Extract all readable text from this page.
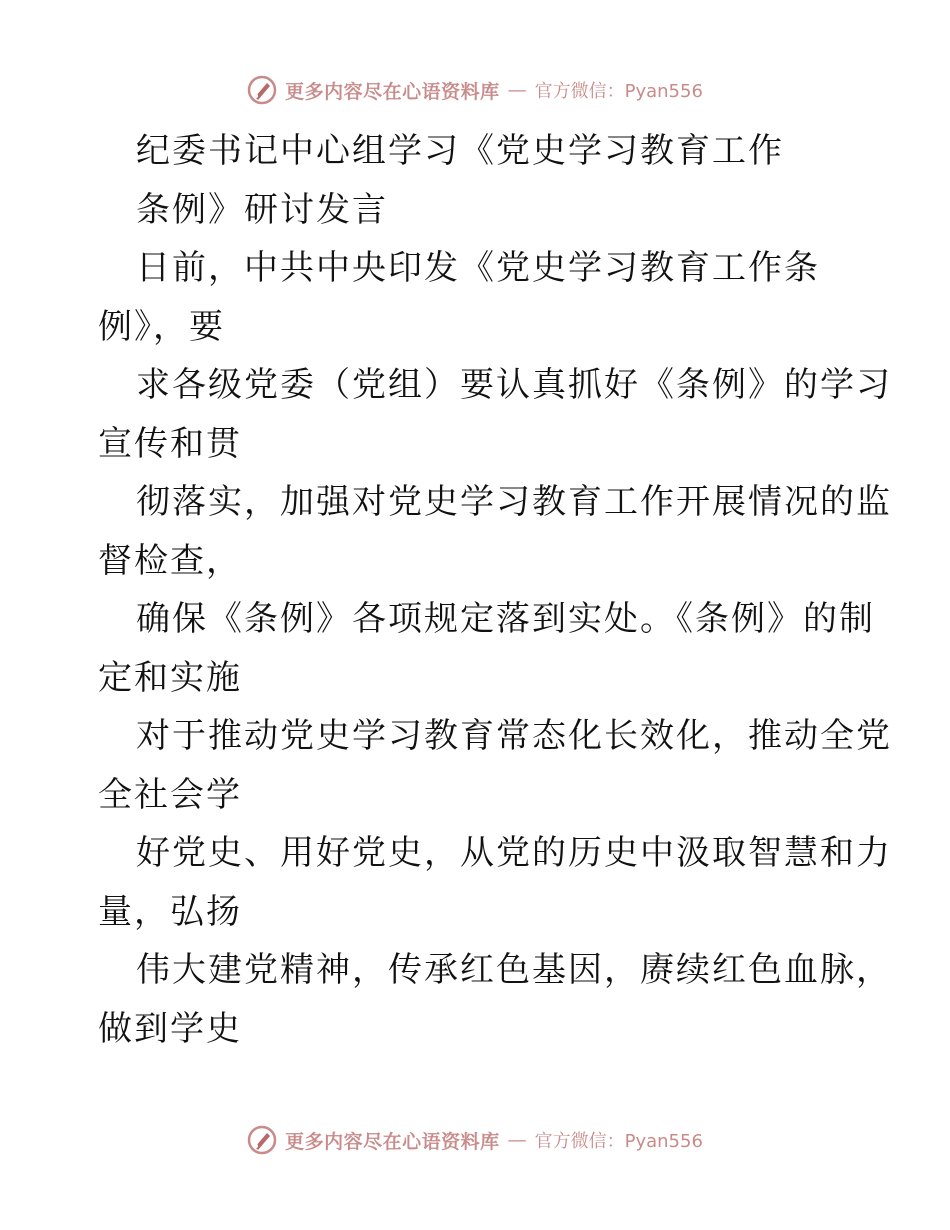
更多内容尽在心语资料库 — 官方微信：Pyan556
纪委书记中心组学习《党史学习教育工作
条例》研讨发言
日前，中共中央印发《党史学习教育工作条
例》，要
求各级党委（党组）要认真抓好《条例》的学习
宣传和贯
彻落实，加强对党史学习教育工作开展情况的监
督检查，
确保《条例》各项规定落到实处。《条例》的制
定和实施
对于推动党史学习教育常态化长效化，推动全党
全社会学
好党史、用好党史，从党的历史中汲取智慧和力
量，弘扬
伟大建党精神，传承红色基因，赓续红色血脉，
做到学史
更多内容尽在心语资料库 — 官方微信：Pyan556
